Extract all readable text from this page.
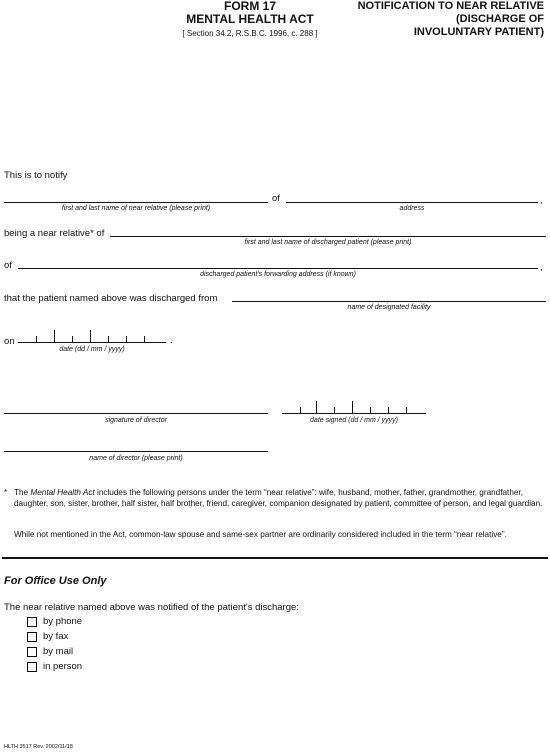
FORM 17
MENTAL HEALTH ACT
[ Section 34.2, R.S.B.C. 1996, c. 288 ]
NOTIFICATION TO NEAR RELATIVE
(DISCHARGE OF
INVOLUNTARY PATIENT)
This is to notify
of	,
first and last name of near relative (please print)	address
being a near relative* of
first and last name of discharged patient (please print)
of	,
discharged patient's forwarding address (if known)
that the patient named above was discharged from
name of designated facility
on	.
date (dd / mm / yyyy)
signature of director	date signed (dd / mm / yyyy)
name of director (please print)
* The Mental Health Act includes the following persons under the term “near relative”: wife, husband, mother, father, grandmother, grandfather, daughter, son, sister, brother, half sister, half brother, friend, caregiver, companion designated by patient, committee of person, and legal guardian.
While not mentioned in the Act, common-law spouse and same-sex partner are ordinarily considered included in the term “near relative”.
For Office Use Only
The near relative named above was notified of the patient's discharge:
by phone
by fax
by mail
in person
HLTH 3517 Rev. 2002/11/18
